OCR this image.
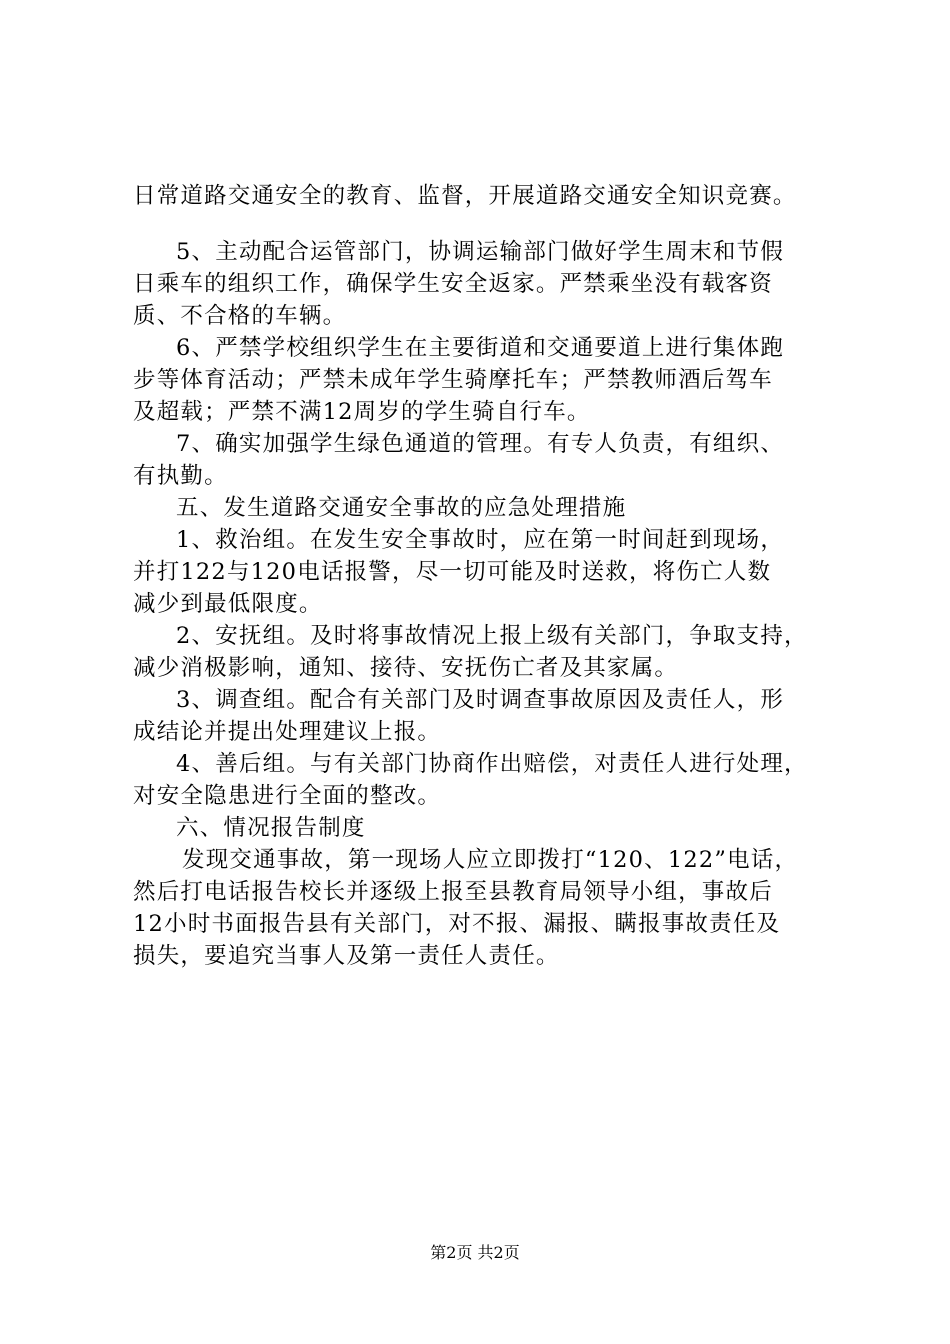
日常道路交通安全的教育、监督，开展道路交通安全知识竞赛。
5、主动配合运管部门，协调运输部门做好学生周末和节假
日乘车的组织工作，确保学生安全返家。严禁乘坐没有载客资
质、不合格的车辆。
6、严禁学校组织学生在主要街道和交通要道上进行集体跑
步等体育活动；严禁未成年学生骑摩托车；严禁教师酒后驾车
及超载；严禁不满12周岁的学生骑自行车。
7、确实加强学生绿色通道的管理。有专人负责，有组织、
有执勤。
五、发生道路交通安全事故的应急处理措施
1、救治组。在发生安全事故时，应在第一时间赶到现场，
并打122与120电话报警，尽一切可能及时送救，将伤亡人数
减少到最低限度。
2、安抚组。及时将事故情况上报上级有关部门，争取支持，
减少消极影响，通知、接待、安抚伤亡者及其家属。
3、调查组。配合有关部门及时调查事故原因及责任人，形
成结论并提出处理建议上报。
4、善后组。与有关部门协商作出赔偿，对责任人进行处理，
对安全隐患进行全面的整改。
六、情况报告制度
发现交通事故，第一现场人应立即拨打“120、122”电话，
然后打电话报告校长并逐级上报至县教育局领导小组，事故后
12小时书面报告县有关部门，对不报、漏报、瞒报事故责任及
损失，要追究当事人及第一责任人责任。
第2页 共2页
